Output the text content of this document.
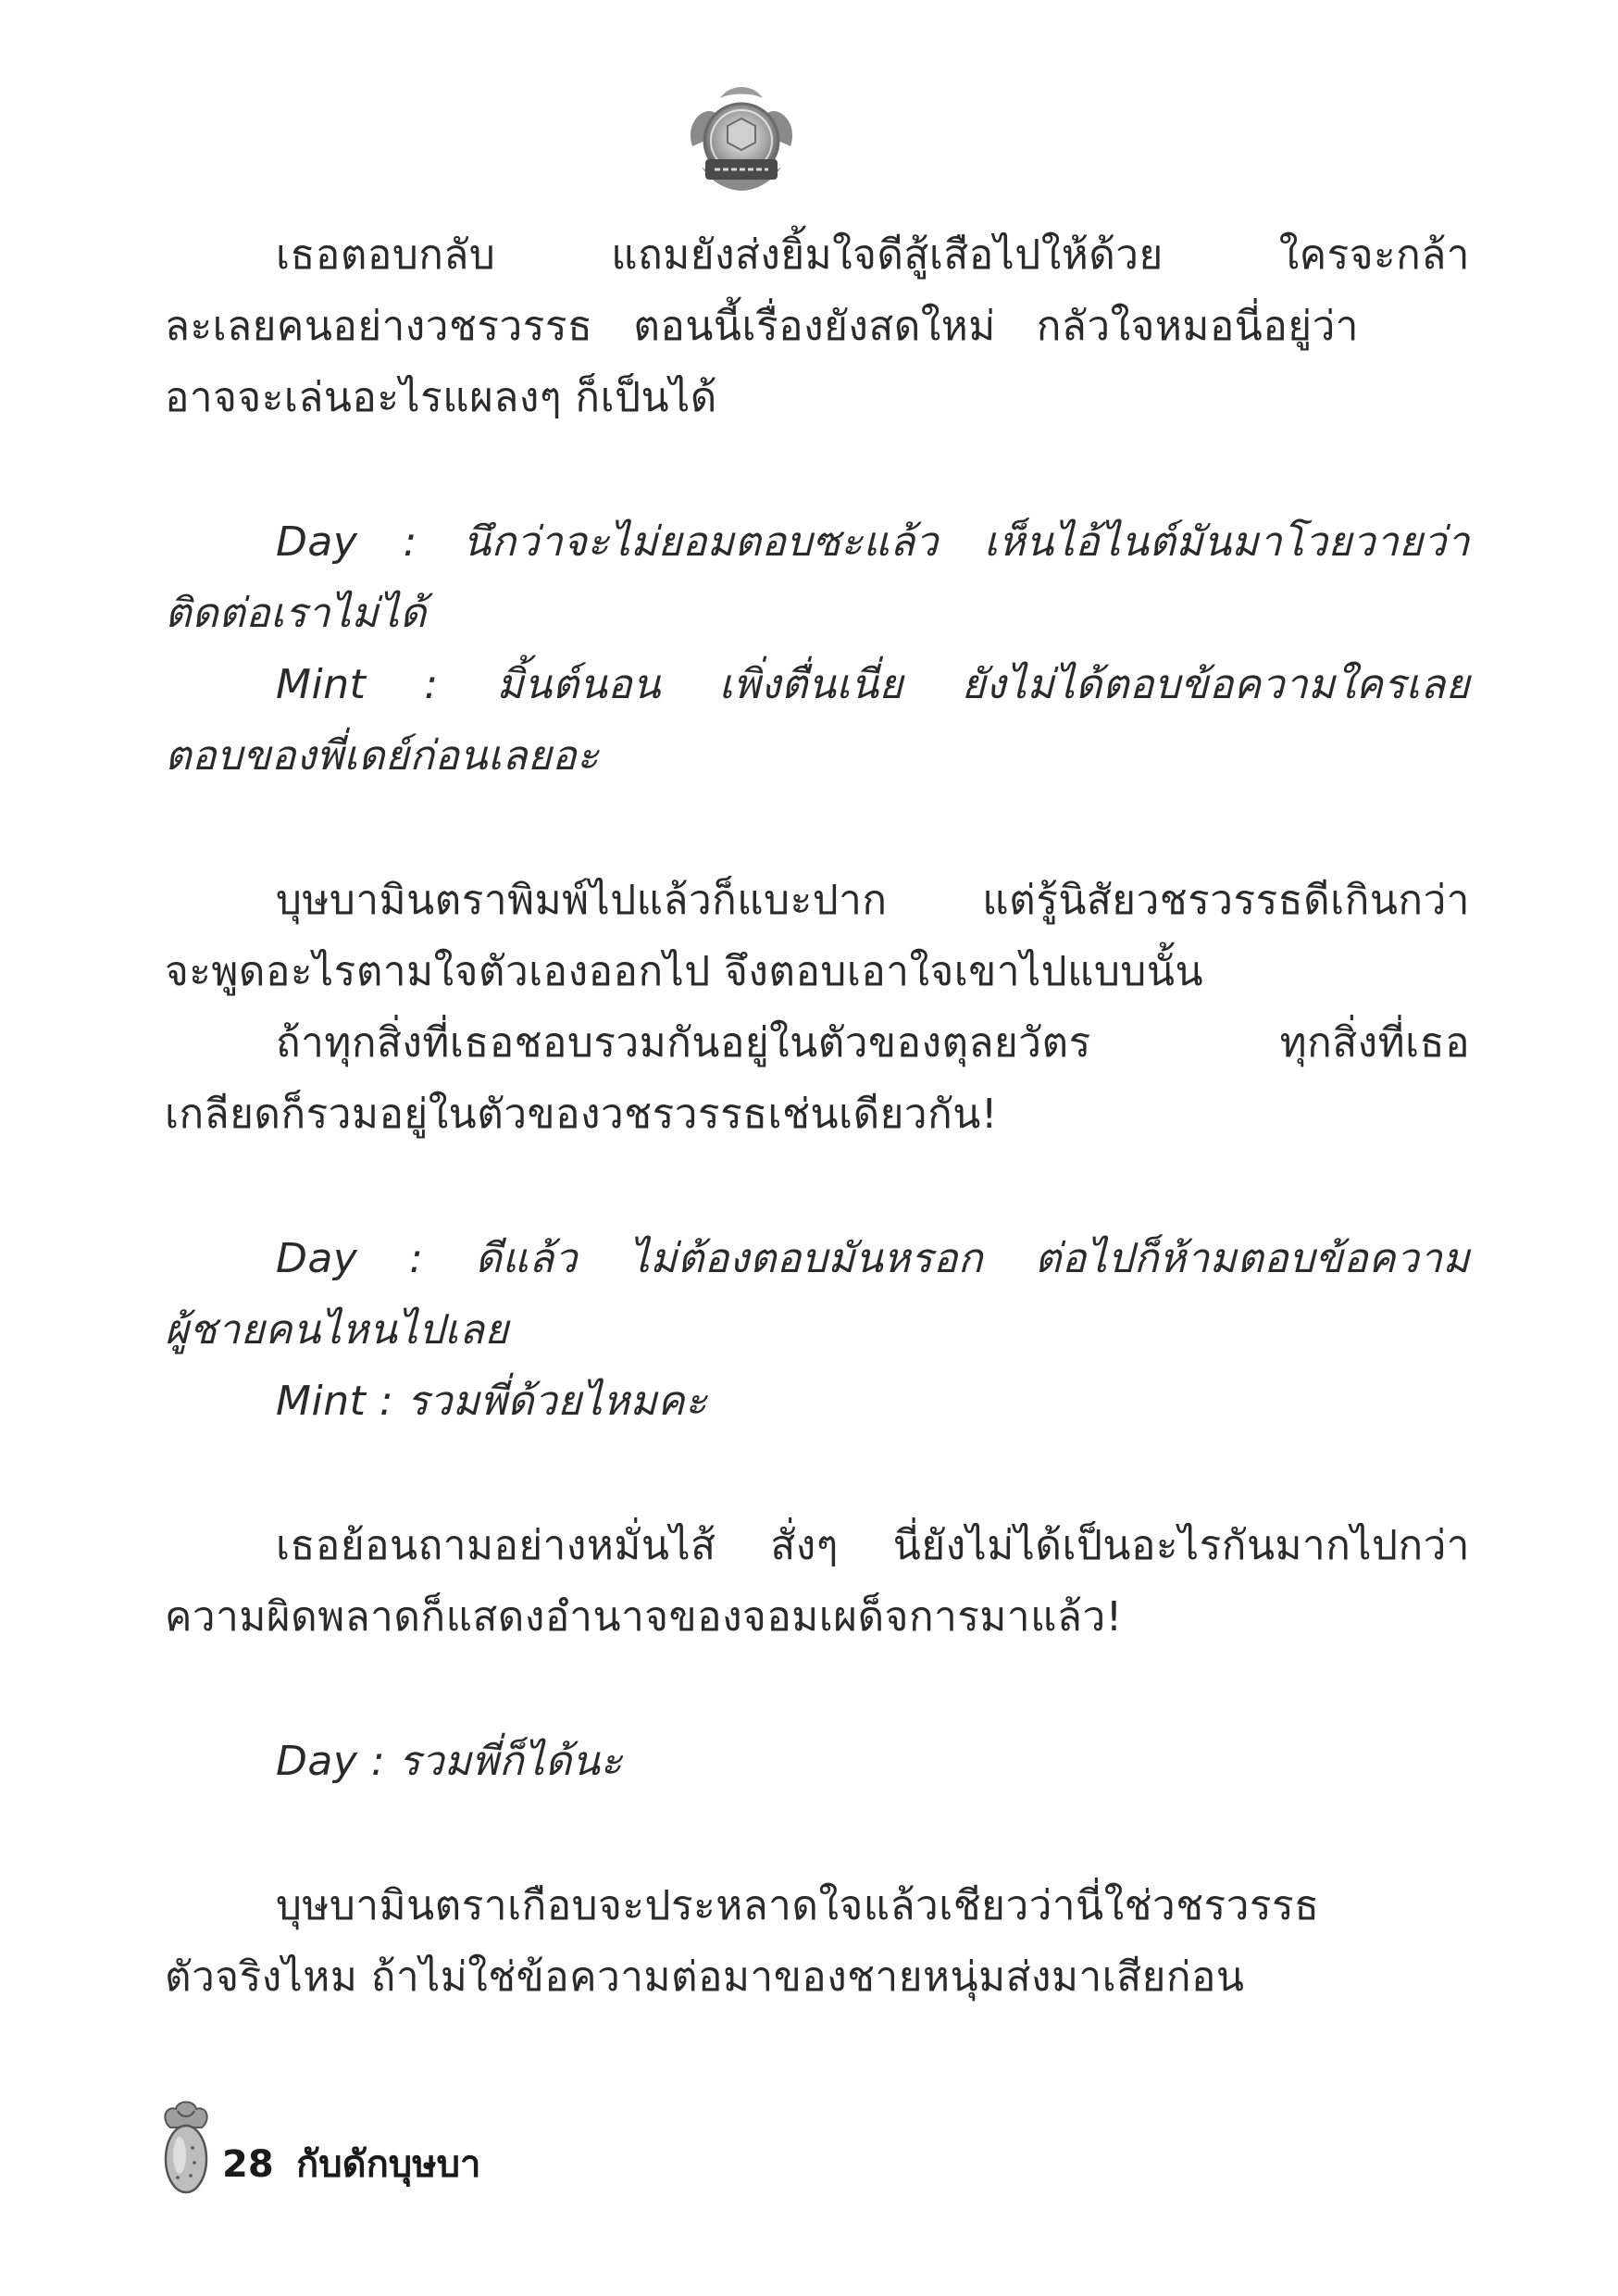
เธอตอบกลับ แถมยังส่งยิ้มใจดีสู้เสือไปให้ด้วย ใครจะกล้า
ละเลยคนอย่างวชรวรรธ ตอนนี้เรื่องยังสดใหม่ กลัวใจหมอนี่อยู่ว่า
อาจจะเล่นอะไรแผลงๆ ก็เป็นได้
Day : นึกว่าจะไม่ยอมตอบซะแล้ว เห็นไอ้ไนต์มันมาโวยวายว่า
ติดต่อเราไม่ได้
Mint : มิ้นต์นอน เพิ่งตื่นเนี่ย ยังไม่ได้ตอบข้อความใครเลย
ตอบของพี่เดย์ก่อนเลยอะ
บุษบามินตราพิมพ์ไปแล้วก็แบะปาก แต่รู้นิสัยวชรวรรธดีเกินกว่า
จะพูดอะไรตามใจตัวเองออกไป จึงตอบเอาใจเขาไปแบบนั้น
ถ้าทุกสิ่งที่เธอชอบรวมกันอยู่ในตัวของตุลยวัตร ทุกสิ่งที่เธอ
เกลียดก็รวมอยู่ในตัวของวชรวรรธเช่นเดียวกัน!
Day : ดีแล้ว ไม่ต้องตอบมันหรอก ต่อไปก็ห้ามตอบข้อความ
ผู้ชายคนไหนไปเลย
Mint : รวมพี่ด้วยไหมคะ
เธอย้อนถามอย่างหมั่นไส้ สั่งๆ นี่ยังไม่ได้เป็นอะไรกันมากไปกว่า
ความผิดพลาดก็แสดงอำนาจของจอมเผด็จการมาแล้ว!
Day : รวมพี่ก็ได้นะ
บุษบามินตราเกือบจะประหลาดใจแล้วเชียวว่านี่ใช่วชรวรรธ
ตัวจริงไหม ถ้าไม่ใช่ข้อความต่อมาของชายหนุ่มส่งมาเสียก่อน
28 กับดักบุษบา
